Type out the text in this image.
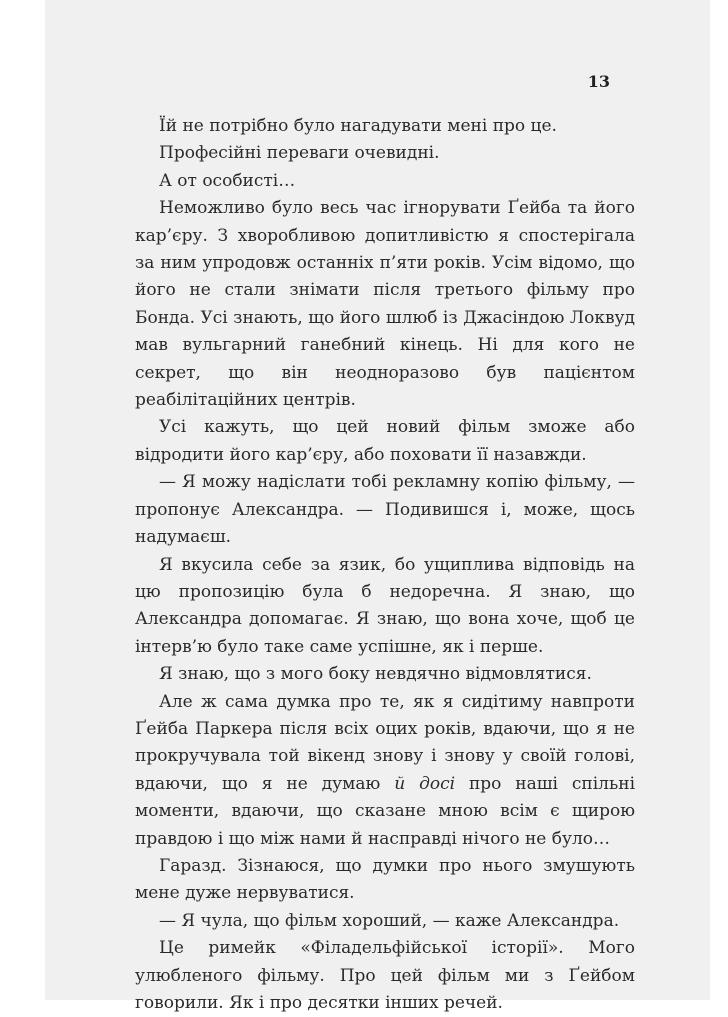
13
Їй не потрібно було нагадувати мені про це.
Професійні переваги очевидні.
А от особисті…
Неможливо було весь час ігнорувати Ґейба та його кар’єру. З хворобливою допитливістю я спостерігала за ним упродовж останніх п’яти років. Усім відомо, що його не стали знімати після третього фільму про Бонда. Усі знають, що його шлюб із Джасіндою Локвуд мав вульгарний ганебний кінець. Ні для кого не секрет, що він неодноразово був пацієнтом реабілітаційних центрів.
Усі кажуть, що цей новий фільм зможе або відродити його кар’єру, або поховати її назавжди.
— Я можу надіслати тобі рекламну копію фільму, — пропонує Александра. — Подивишся і, може, щось надумаєш.
Я вкусила себе за язик, бо ущиплива відповідь на цю пропозицію була б недоречна. Я знаю, що Александра допомагає. Я знаю, що вона хоче, щоб це інтерв’ю було таке саме успішне, як і перше.
Я знаю, що з мого боку невдячно відмовлятися.
Але ж сама думка про те, як я сидітиму навпроти Ґейба Паркера після всіх оцих років, вдаючи, що я не прокручувала той вікенд знову і знову у своїй голові, вдаючи, що я не думаю й досі про наші спільні моменти, вдаючи, що сказане мною всім є щирою правдою і що між нами й насправді нічого не було…
Гаразд. Зізнаюся, що думки про нього змушують мене дуже нервуватися.
— Я чула, що фільм хороший, — каже Александра.
Це римейк «Філадельфійської історії». Мого улюбленого фільму. Про цей фільм ми з Ґейбом говорили. Як і про десятки інших речей.
